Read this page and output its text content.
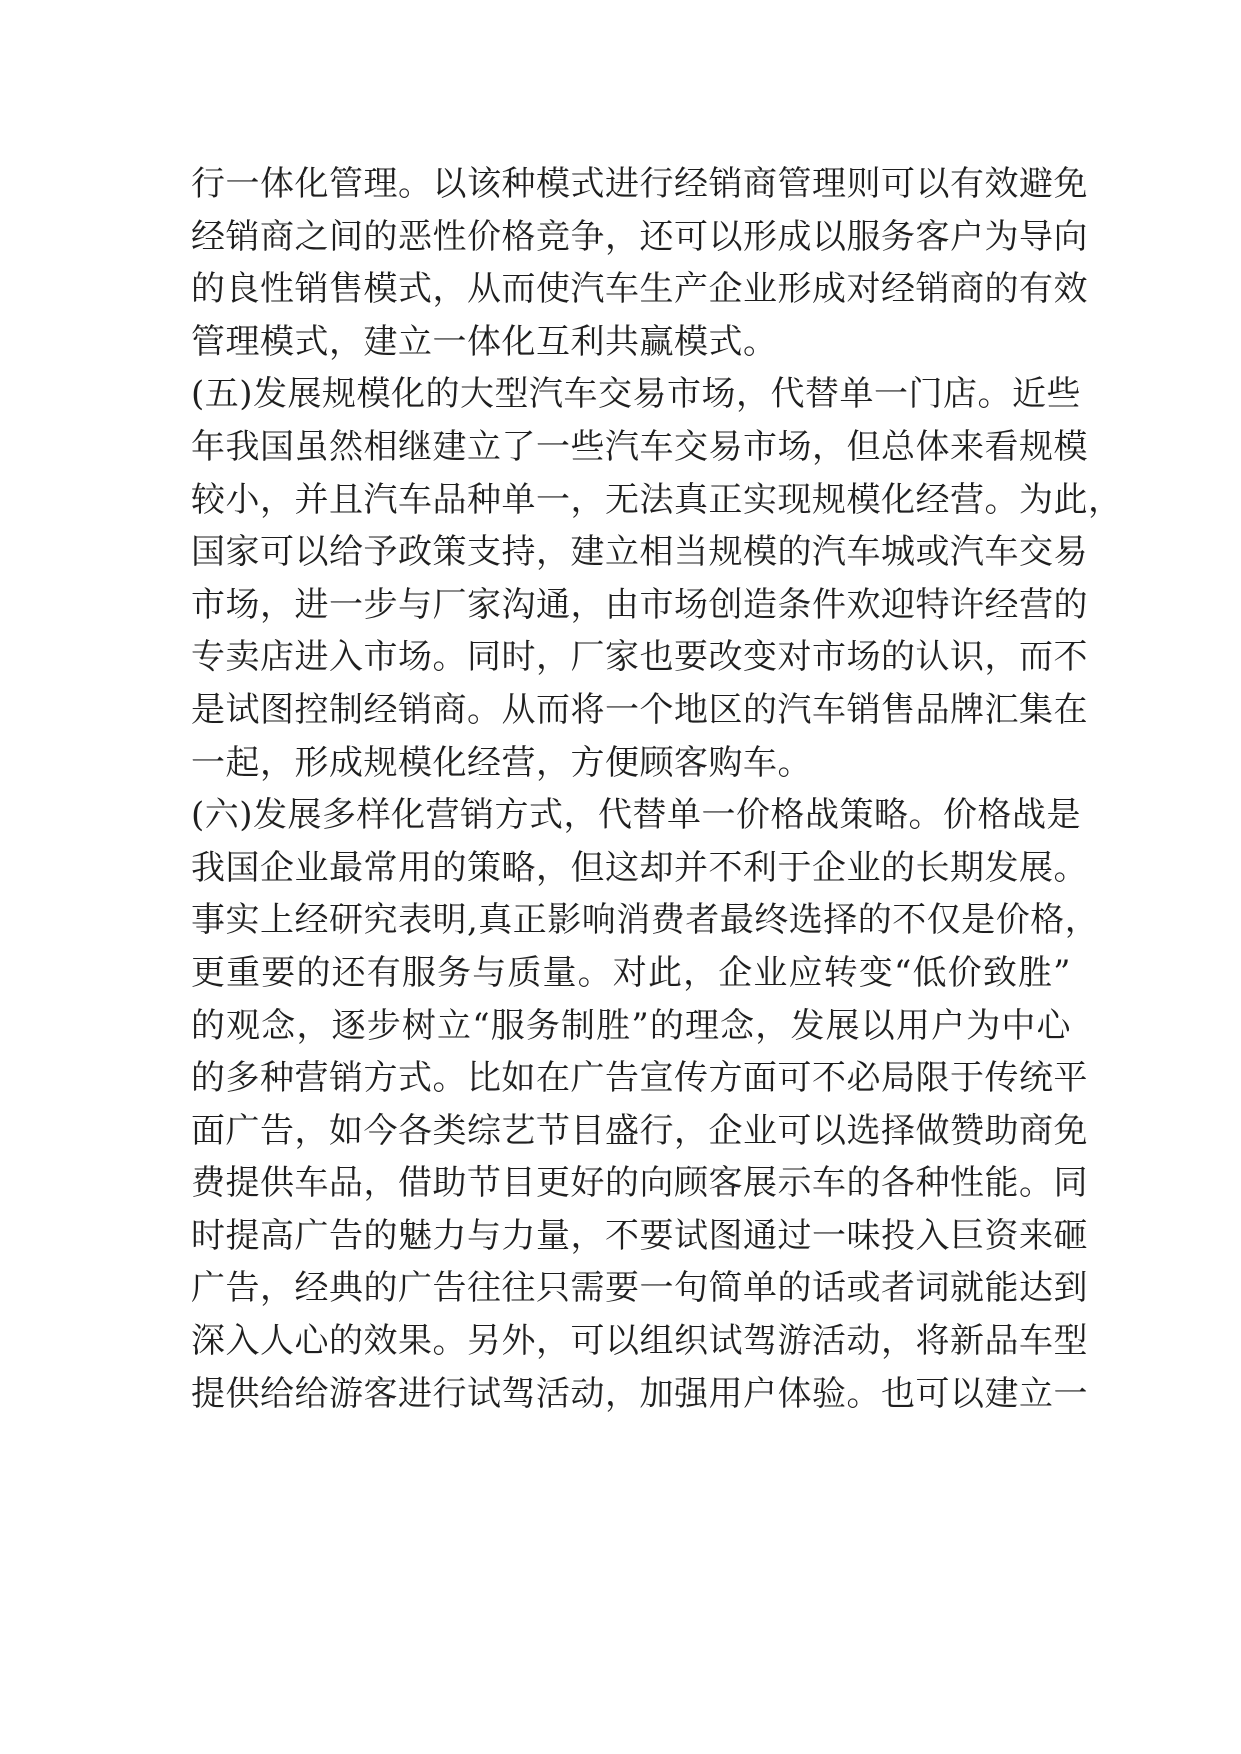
行一体化管理。以该种模式进行经销商管理则可以有效避免
经销商之间的恶性价格竞争，还可以形成以服务客户为导向
的良性销售模式，从而使汽车生产企业形成对经销商的有效
管理模式，建立一体化互利共赢模式。
(五)发展规模化的大型汽车交易市场，代替单一门店。近些
年我国虽然相继建立了一些汽车交易市场，但总体来看规模
较小，并且汽车品种单一，无法真正实现规模化经营。为此，
国家可以给予政策支持，建立相当规模的汽车城或汽车交易
市场，进一步与厂家沟通，由市场创造条件欢迎特许经营的
专卖店进入市场。同时，厂家也要改变对市场的认识，而不
是试图控制经销商。从而将一个地区的汽车销售品牌汇集在
一起，形成规模化经营，方便顾客购车。
(六)发展多样化营销方式，代替单一价格战策略。价格战是
我国企业最常用的策略，但这却并不利于企业的长期发展。
事实上经研究表明,真正影响消费者最终选择的不仅是价格，
更重要的还有服务与质量。对此，企业应转变“低价致胜”
的观念，逐步树立“服务制胜”的理念，发展以用户为中心
的多种营销方式。比如在广告宣传方面可不必局限于传统平
面广告，如今各类综艺节目盛行，企业可以选择做赞助商免
费提供车品，借助节目更好的向顾客展示车的各种性能。同
时提高广告的魅力与力量，不要试图通过一味投入巨资来砸
广告，经典的广告往往只需要一句简单的话或者词就能达到
深入人心的效果。另外，可以组织试驾游活动，将新品车型
提供给给游客进行试驾活动，加强用户体验。也可以建立一
